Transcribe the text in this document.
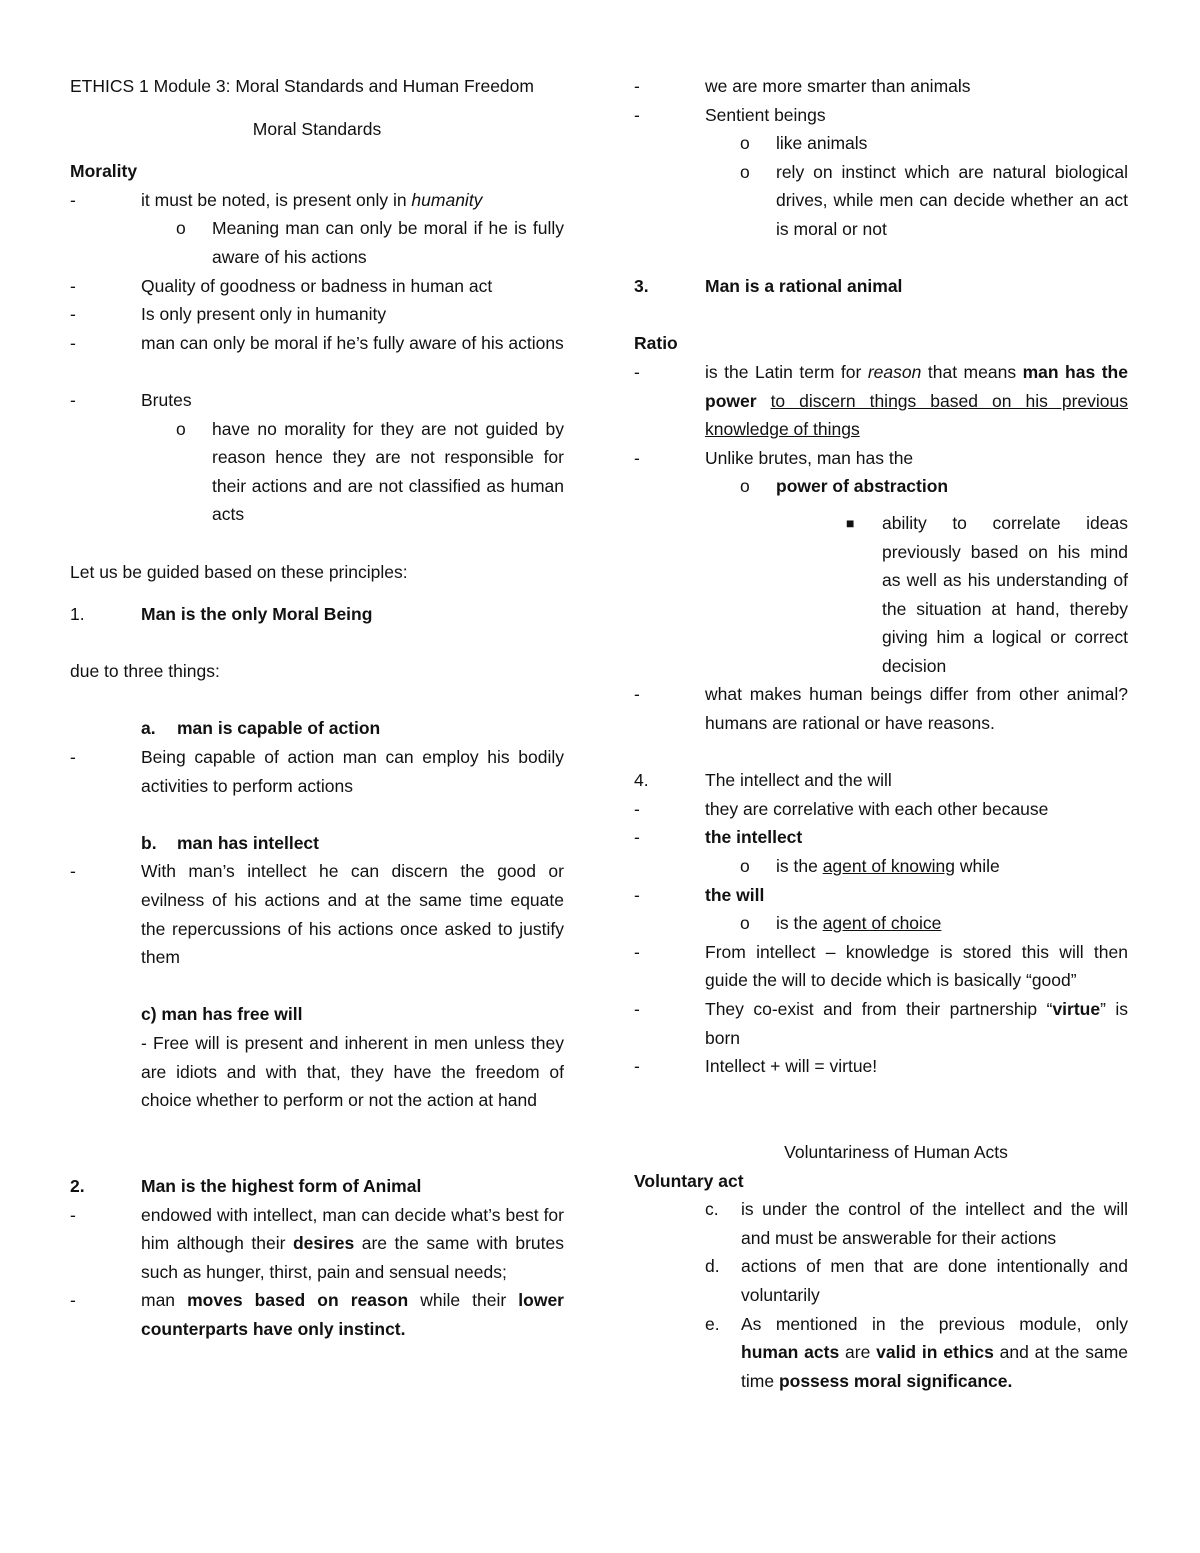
ETHICS 1 Module 3: Moral Standards and Human Freedom
Moral Standards
Morality
-	it must be noted, is present only in humanity
o Meaning man can only be moral if he is fully aware of his actions
-	Quality of goodness or badness in human act
-	Is only present only in humanity
-	man can only be moral if he’s fully aware of his actions
-	Brutes
o have no morality for they are not guided by reason hence they are not responsible for their actions and are not classified as human acts
Let us be guided based on these principles:
1.	Man is the only Moral Being
due to three things:
a. man is capable of action
-	Being capable of action man can employ his bodily activities to perform actions
b. man has intellect
-	With man’s intellect he can discern the good or evilness of his actions and at the same time equate the repercussions of his actions once asked to justify them
c) man has free will
- Free will is present and inherent in men unless they are idiots and with that, they have the freedom of choice whether to perform or not the action at hand
2.	Man is the highest form of Animal
-	endowed with intellect, man can decide what’s best for him although their desires are the same with brutes such as hunger, thirst, pain and sensual needs;
-	man moves based on reason while their lower counterparts have only instinct.
-	we are more smarter than animals
-	Sentient beings
o like animals
o rely on instinct which are natural biological drives, while men can decide whether an act is moral or not
3.	Man is a rational animal
Ratio
-	is the Latin term for reason that means man has the power to discern things based on his previous knowledge of things
-	Unlike brutes, man has the
o power of abstraction
■	ability to correlate ideas previously based on his mind as well as his understanding of the situation at hand, thereby giving him a logical or correct decision
-	what makes human beings differ from other animal? humans are rational or have reasons.
4.	The intellect and the will
-	they are correlative with each other because
-	the intellect
o is the agent of knowing while
-	the will
o is the agent of choice
-	From intellect – knowledge is stored this will then guide the will to decide which is basically “good”
-	They co-exist and from their partnership “virtue” is born
-	Intellect + will = virtue!
Voluntariness of Human Acts
Voluntary act
c.	is under the control of the intellect and the will and must be answerable for their actions
d.	actions of men that are done intentionally and voluntarily
e.	As mentioned in the previous module, only human acts are valid in ethics and at the same time possess moral significance.
